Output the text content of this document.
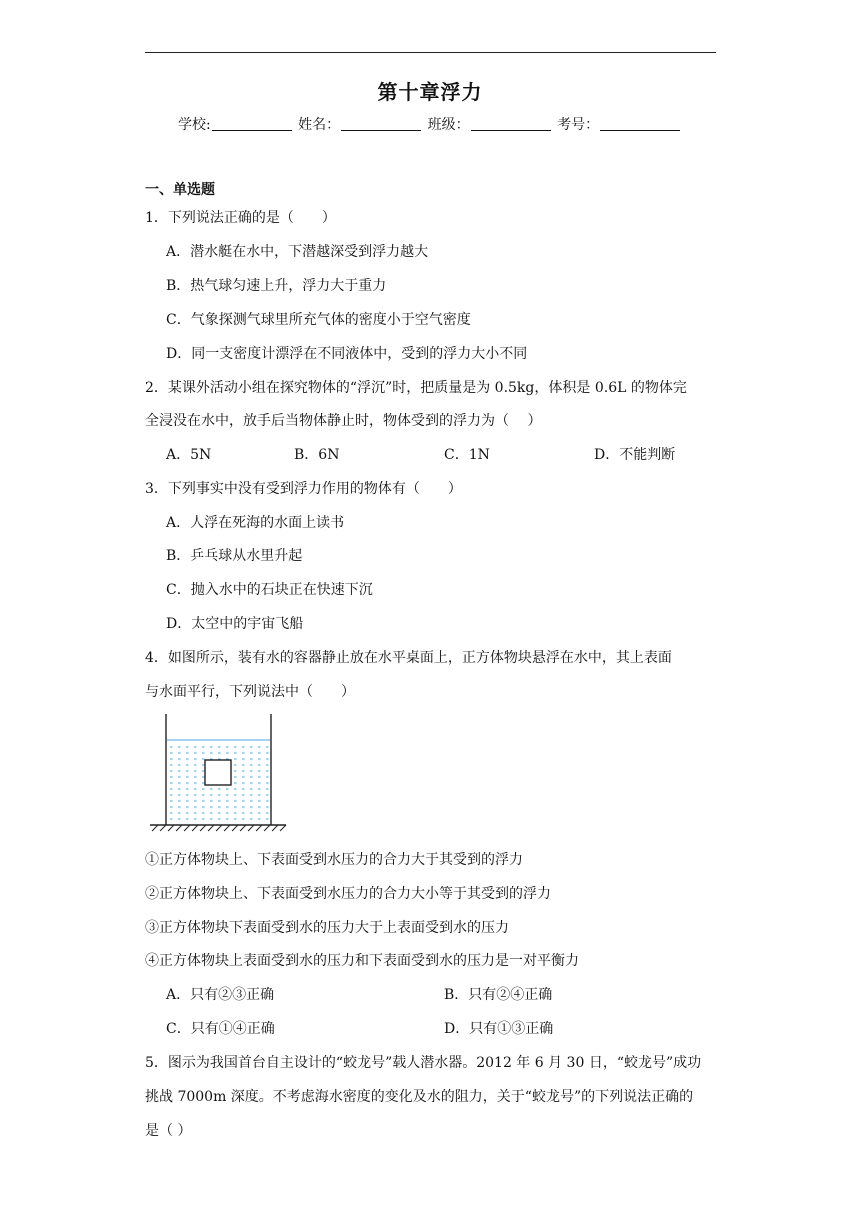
第十章浮力
学校:	姓名：	班级：	考号：
一、单选题
1．下列说法正确的是（　　）
A．潜水艇在水中，下潜越深受到浮力越大
B．热气球匀速上升，浮力大于重力
C．气象探测气球里所充气体的密度小于空气密度
D．同一支密度计漂浮在不同液体中，受到的浮力大小不同
2．某课外活动小组在探究物体的“浮沉”时，把质量是为 0.5kg，体积是 0.6L 的物体完
全浸没在水中，放手后当物体静止时，物体受到的浮力为（　 ）
A．5N	B．6N	C．1N	D．不能判断
3．下列事实中没有受到浮力作用的物体有（　　）
A．人浮在死海的水面上读书
B．乒乓球从水里升起
C．抛入水中的石块正在快速下沉
D．太空中的宇宙飞船
4．如图所示，装有水的容器静止放在水平桌面上，正方体物块悬浮在水中，其上表面
与水面平行，下列说法中（　　）
①正方体物块上、下表面受到水压力的合力大于其受到的浮力
②正方体物块上、下表面受到水压力的合力大小等于其受到的浮力
③正方体物块下表面受到水的压力大于上表面受到水的压力
④正方体物块上表面受到水的压力和下表面受到水的压力是一对平衡力
A．只有②③正确	B．只有②④正确
C．只有①④正确	D．只有①③正确
5．图示为我国首台自主设计的“蛟龙号”载人潜水器。2012 年 6 月 30 日，“蛟龙号”成功
挑战 7000m 深度。不考虑海水密度的变化及水的阻力，关于“蛟龙号”的下列说法正确的
是（ ）
